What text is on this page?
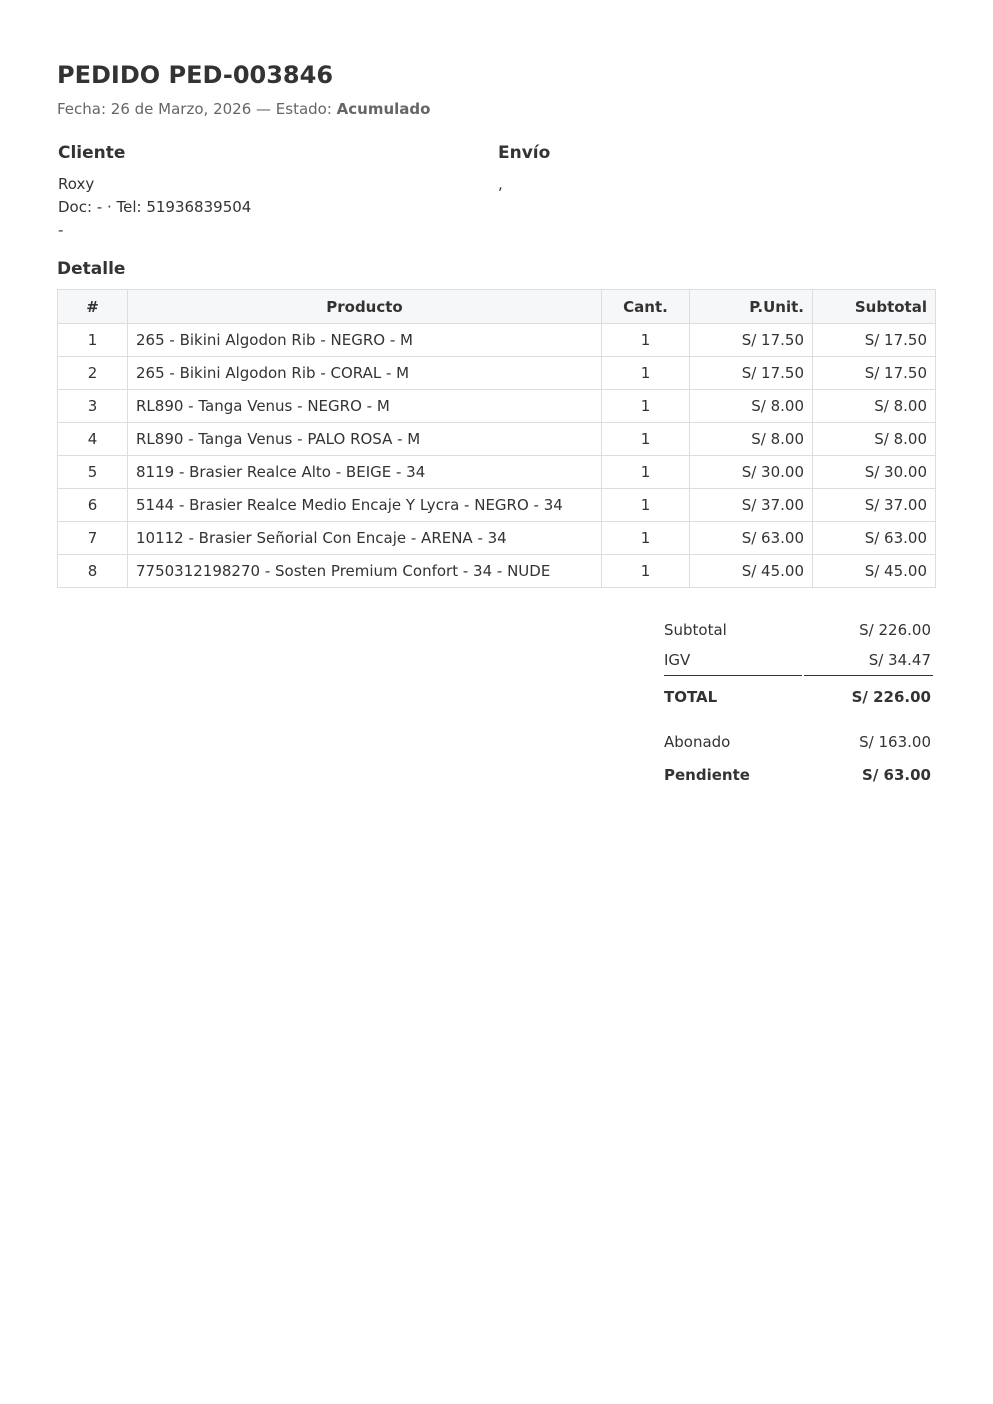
PEDIDO PED-003846
Fecha: 26 de Marzo, 2026 — Estado: Acumulado
Cliente
Roxy
Doc: - · Tel: 51936839504
-
Envío
,
Detalle
#	Producto	Cant.	P.Unit.	Subtotal
1	265 - Bikini Algodon Rib - NEGRO - M	1	S/ 17.50	S/ 17.50
2	265 - Bikini Algodon Rib - CORAL - M	1	S/ 17.50	S/ 17.50
3	RL890 - Tanga Venus - NEGRO - M	1	S/ 8.00	S/ 8.00
4	RL890 - Tanga Venus - PALO ROSA - M	1	S/ 8.00	S/ 8.00
5	8119 - Brasier Realce Alto - BEIGE - 34	1	S/ 30.00	S/ 30.00
6	5144 - Brasier Realce Medio Encaje Y Lycra - NEGRO - 34	1	S/ 37.00	S/ 37.00
7	10112 - Brasier Señorial Con Encaje - ARENA - 34	1	S/ 63.00	S/ 63.00
8	7750312198270 - Sosten Premium Confort - 34 - NUDE	1	S/ 45.00	S/ 45.00
Subtotal	S/ 226.00
IGV	S/ 34.47
TOTAL	S/ 226.00
Abonado	S/ 163.00
Pendiente	S/ 63.00
